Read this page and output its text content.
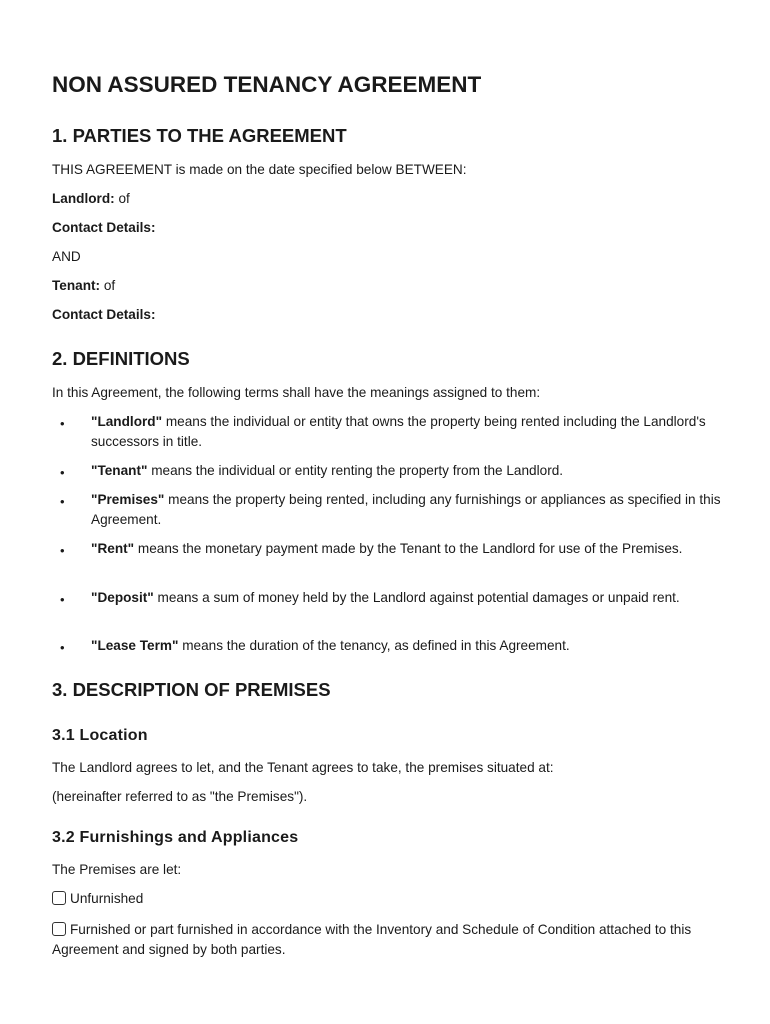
NON ASSURED TENANCY AGREEMENT
1. PARTIES TO THE AGREEMENT

THIS AGREEMENT is made on the date specified below BETWEEN:

Landlord: of

Contact Details:

AND

Tenant: of

Contact Details:

2. DEFINITIONS

In this Agreement, the following terms shall have the meanings assigned to them:

• "Landlord" means the individual or entity that owns the property being rented including the Landlord's successors in title.
• "Tenant" means the individual or entity renting the property from the Landlord.
• "Premises" means the property being rented, including any furnishings or appliances as specified in this Agreement.
• "Rent" means the monetary payment made by the Tenant to the Landlord for use of the Premises.
• "Deposit" means a sum of money held by the Landlord against potential damages or unpaid rent.
• "Lease Term" means the duration of the tenancy, as defined in this Agreement.
3. DESCRIPTION OF PREMISES
3.1 Location

The Landlord agrees to let, and the Tenant agrees to take, the premises situated at:

(hereinafter referred to as "the Premises").

3.2 Furnishings and Appliances

The Premises are let:

Unfurnished

Furnished or part furnished in accordance with the Inventory and Schedule of Condition attached to this Agreement and signed by both parties.
